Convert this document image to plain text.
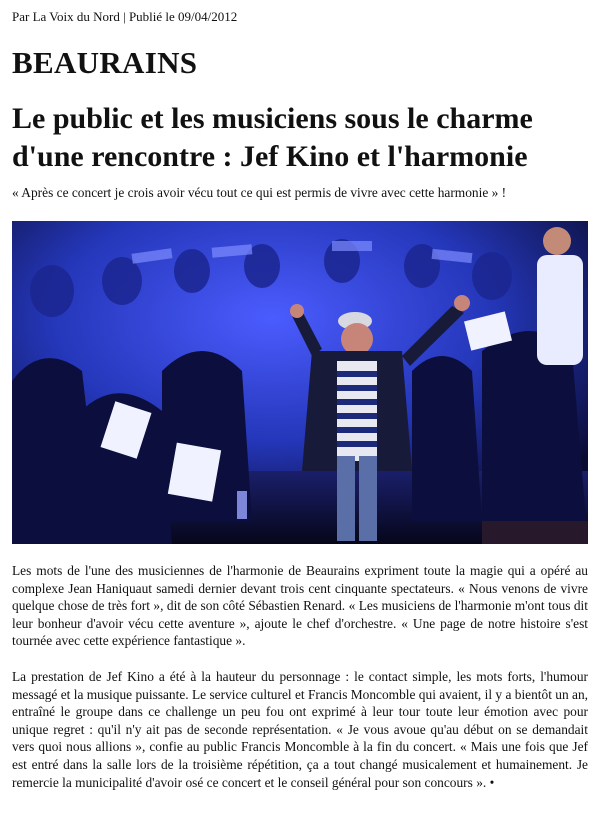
Par La Voix du Nord | Publié le 09/04/2012
BEAURAINS
Le public et les musiciens sous le charme d'une rencontre : Jef Kino et l'harmonie
« Après ce concert je crois avoir vécu tout ce qui est permis de vivre avec cette harmonie » !
Les mots de l'une des musiciennes de l'harmonie de Beaurains expriment toute la magie qui a opéré au complexe Jean Haniquaut samedi dernier devant trois cent cinquante spectateurs. « Nous venons de vivre quelque chose de très fort », dit de son côté Sébastien Renard. « Les musiciens de l'harmonie m'ont tous dit leur bonheur d'avoir vécu cette aventure », ajoute le chef d'orchestre. « Une page de notre histoire s'est tournée avec cette expérience fantastique ».
La prestation de Jef Kino a été à la hauteur du personnage : le contact simple, les mots forts, l'humour messagé et la musique puissante. Le service culturel et Francis Moncomble qui avaient, il y a bientôt un an, entraîné le groupe dans ce challenge un peu fou ont exprimé à leur tour toute leur émotion avec pour unique regret : qu'il n'y ait pas de seconde représentation. « Je vous avoue qu'au début on se demandait vers quoi nous allions », confie au public Francis Moncomble à la fin du concert. « Mais une fois que Jef est entré dans la salle lors de la troisième répétition, ça a tout changé musicalement et humainement. Je remercie la municipalité d'avoir osé ce concert et le conseil général pour son concours ». •
